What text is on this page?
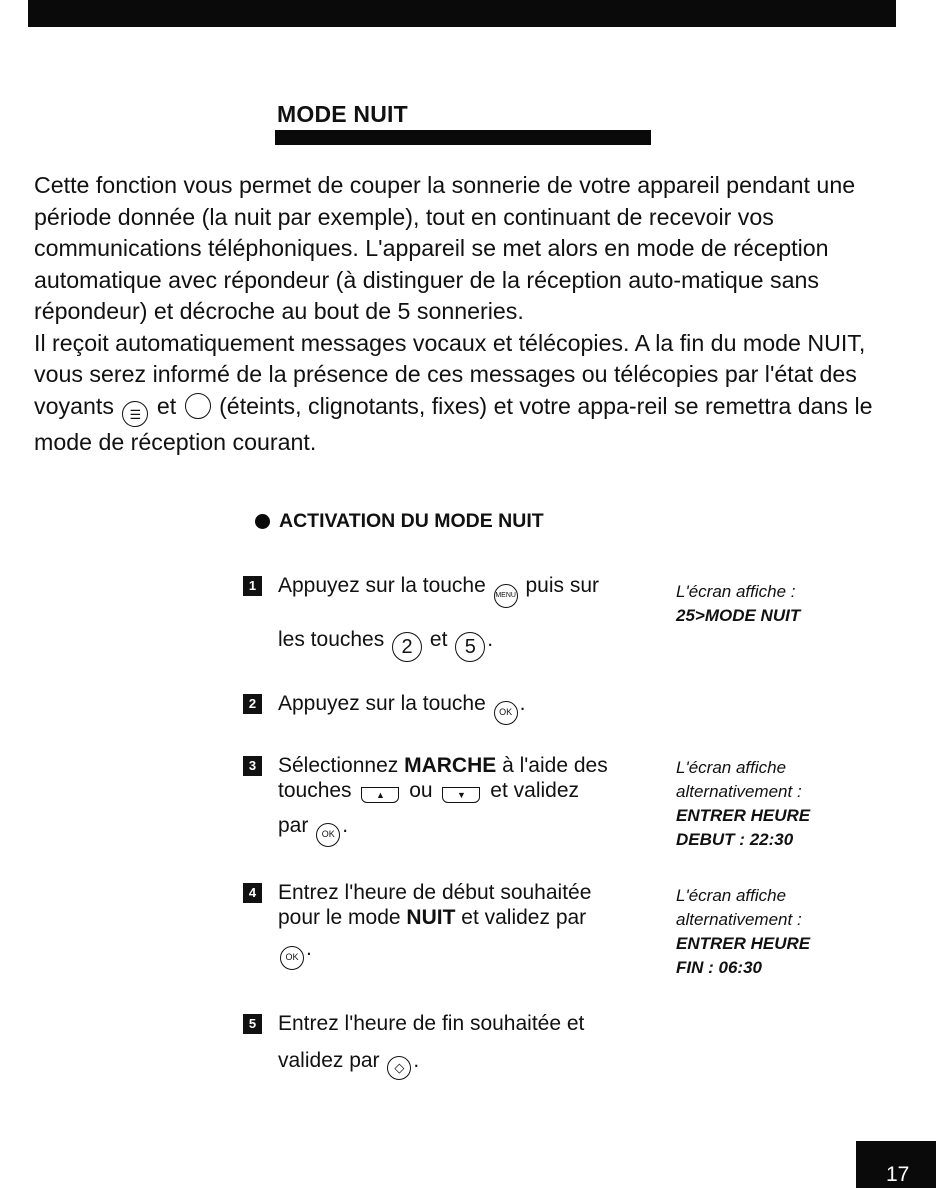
MODE NUIT

Cette fonction vous permet de couper la sonnerie de votre appareil pendant une période donnée (la nuit par exemple), tout en continuant de recevoir vos communications téléphoniques. L'appareil se met alors en mode de réception automatique avec répondeur (à distinguer de la réception auto-matique sans répondeur) et décroche au bout de 5 sonneries.

Il reçoit automatiquement messages vocaux et télécopies. A la fin du mode NUIT, vous serez informé de la présence de ces messages ou télécopies par l'état des voyants ☰ et (éteints, clignotants, fixes) et votre appa-reil se remettra dans le mode de réception courant.

ACTIVATION DU MODE NUIT
1 Appuyez sur la touche MENU puis sur
les touches 2 et 5 .
L'écran affiche :
25>MODE NUIT
2 Appuyez sur la touche OK .
3 Sélectionnez MARCHE à l'aide des
touches	▲ ou	▼ et validez
par OK .
L'écran affiche
alternativement :
ENTRER HEURE
DEBUT : 22:30
4 Entrez l'heure de début souhaitée
pour le mode NUIT et validez par
OK .
L'écran affiche
alternativement :
ENTRER HEURE
FIN : 06:30
5 Entrez l'heure de fin souhaitée et
validez par ◇ .
17
